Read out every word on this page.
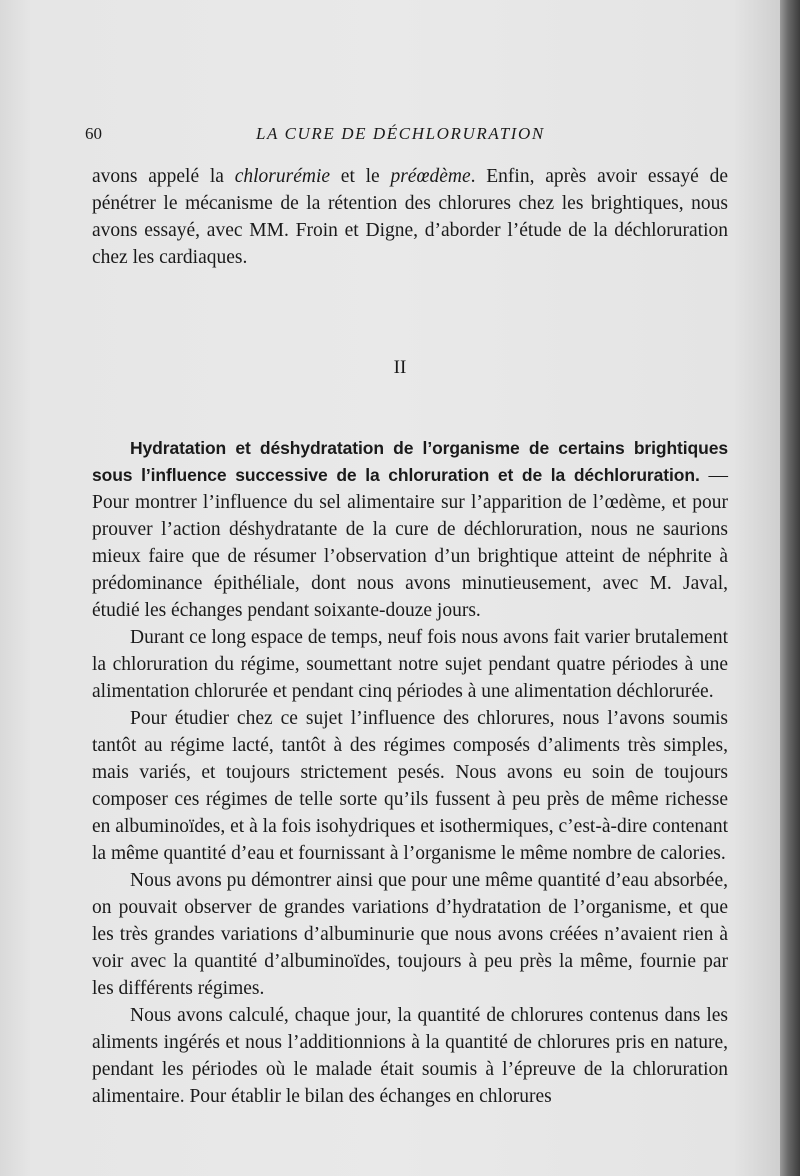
60	LA CURE DE DÉCHLORURATION
avons appelé la chlorurémie et le préœdème. Enfin, après avoir essayé de pénétrer le mécanisme de la rétention des chlorures chez les brightiques, nous avons essayé, avec MM. Froin et Digne, d’aborder l’étude de la déchloruration chez les cardiaques.
II

Hydratation et déshydratation de l’organisme de certains brightiques sous l’influence successive de la chloruration et de la déchloruration. — Pour montrer l’influence du sel alimentaire sur l’apparition de l’œdème, et pour prouver l’action déshydratante de la cure de déchloruration, nous ne saurions mieux faire que de résumer l’observation d’un brightique atteint de néphrite à prédominance épithéliale, dont nous avons minutieusement, avec M. Javal, étudié les échanges pendant soixante-douze jours.

Durant ce long espace de temps, neuf fois nous avons fait varier brutalement la chloruration du régime, soumettant notre sujet pendant quatre périodes à une alimentation chlorurée et pendant cinq périodes à une alimentation déchlorurée.

Pour étudier chez ce sujet l’influence des chlorures, nous l’avons soumis tantôt au régime lacté, tantôt à des régimes composés d’aliments très simples, mais variés, et toujours strictement pesés. Nous avons eu soin de toujours composer ces régimes de telle sorte qu’ils fussent à peu près de même richesse en albuminoïdes, et à la fois isohydriques et isothermiques, c’est-à-dire contenant la même quantité d’eau et fournissant à l’organisme le même nombre de calories.

Nous avons pu démontrer ainsi que pour une même quantité d’eau absorbée, on pouvait observer de grandes variations d’hydratation de l’organisme, et que les très grandes variations d’albuminurie que nous avons créées n’avaient rien à voir avec la quantité d’albuminoïdes, toujours à peu près la même, fournie par les différents régimes.

Nous avons calculé, chaque jour, la quantité de chlorures contenus dans les aliments ingérés et nous l’additionnions à la quantité de chlorures pris en nature, pendant les périodes où le malade était soumis à l’épreuve de la chloruration alimentaire. Pour établir le bilan des échanges en chlorures
